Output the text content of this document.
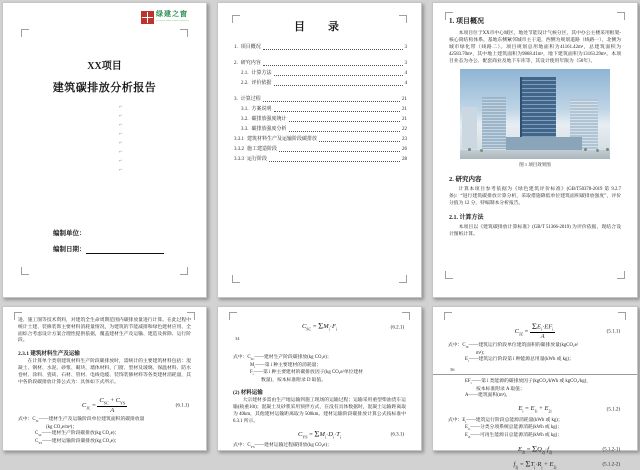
绿建之窗
····························
XX项目
建筑碳排放分析报告
↵
↵
↵
↵
↵
↵
↵
↵
编制单位：
编制日期：
目　录
1. 项目概况	3
2. 研究内容	3
2.1. 计算方法	4
2.2. 评价依据	4
3. 计算过程	21
3.1. 方案说明	21
3.2. 碳排放强度统计	21
3.3. 碳排放强度分析	22
3.3.1 建筑材料生产及运输阶段碳排放	23
3.3.2 施工建造阶段	26
3.3.3 运行阶段	28
1. 项目概况

本项目位于XX市中心城区，地处节能设计气候分区，其中办公主楼采用框架-核心筒结构体系。基地东侧紧邻城市主干道，西侧为规划道路（线路一），北侧为城市绿化带（线路二）。项目规划总用地面积为41161.42m²，总建筑面积为42583.70m²，其中地上建筑面积为9868.41m²，地下建筑面积为13163.29m²。本项目业态为办公、配套商业及地下车库等，其设计使用年限为（50年）。

图 1 项目效果图
2. 研究内容

计算本项目参考依据为《绿色建筑评价标准》(GB/T50378-2019 第 9.2.7 条)：“进行建筑碳排放计算分析，采取措施降低单位建筑面积碳排放强度”，评价分值为 12 分，特编制本分析报告。

2.1. 计算方法

本项目以《建筑碳排放计算标准》(GB/T 51366-2019) 为评价依据，现结合设计图纸计算。

进、施工图等技术资料，对建筑全生命周期范围内碳排放量进行计算。在此过程中统计土建、装修装饰主要材料消耗量情况，为建筑的节能减排和绿色建材应用、全面综合考虑设计方案合理性提供依据，覆盖建材生产及运输、建造及拆除、运行阶段。

2.3.1 建筑材料生产及运输

在计算单个类别建筑材料生产阶段碳排放时，需统计的主要建筑材料包括：混凝土、钢材、水泥、砂浆、砌块、墙体材料、门窗、型材及玻璃、保温材料、防水卷材、涂料、瓷砖、石材、管材、电线电缆、装饰装修材料等各类建材消耗量，其中各阶段碳排放计算公式为：具体如下式所示。

$C_{JC} = \frac{C_{SC} + C_{YS}}{A}$	(6.1.1)
式中：$C_{JC}——$建材生产及运输阶段单位建筑面积的碳排放量
(kg CO₂e/m²)；
$C_{SC}——$建材生产阶段碳排放(kg CO₂e)；
$C_{YS}——$建材运输阶段碳排放(kg CO₂e)；
$C_{SC} = \Sigma M_i\cdot F_i$	(6.2.1)
34
式中：$C_{SC}——$建材生产阶段碳排放(kg CO₂e)；
$M_i——$第 i 种主要建材的消耗量；
$F_i——$第 i 种主要建材的碳排放因子(kg CO₂e/单位建材
数量)，按本标准附录 D 取值。
(2) 材料运输

大宗建材多需由生产地运输到施工现场的运输过程；运输采用重型柴油货车运输(载重10t)；混凝土及砂浆采用预拌方式，在没有具体数据时，混凝土运输距离取为 40km，其他建材运输距离取为 500km。建材运输阶段碳排放计算公式按标准中 6.3.1 所示。

$C_{YS} = \Sigma M_i\cdot D_i\cdot T_i$	(6.3.1)
式中：$C_{YS}——$建材运输过程碳排放(kg CO₂e)；
$C_{JZ} = \frac{\Sigma E_i\cdot EF_i}{A}$	(5.1.1)
式中：$C_{JZ}——$建筑运行阶段单位建筑面积的碳排放量(kgCO₂e/
m²)；
$E_i——$建筑运行阶段第 i 种能源总用量(kWh 或 kg)；
36
$EF_i——$第 i 类能源的碳排放因子(kgCO₂/kWh 或 kgCO₂/kg)，
按本标准附录 A 取值；
A——建筑面积(m²)。
$E_i = E_{1i} + E_{2i}$	(5.1.2)
式中：$E_i——$建筑运行阶段总能源消耗量(kWh 或 kg)；
$E_{1i}——$分类分项系统总能源消耗(kWh 或 kg)；
$E_{2i}——$可再生能源日总能源消耗(kWh 或 kg)；
$E_{2i} = \Sigma Q_{2j}\cdot f_{2j}$	(5.1.2-1)
$f_{2j} = \Sigma T_j\cdot R_j + E_{2j}$	(5.1.2-2)
